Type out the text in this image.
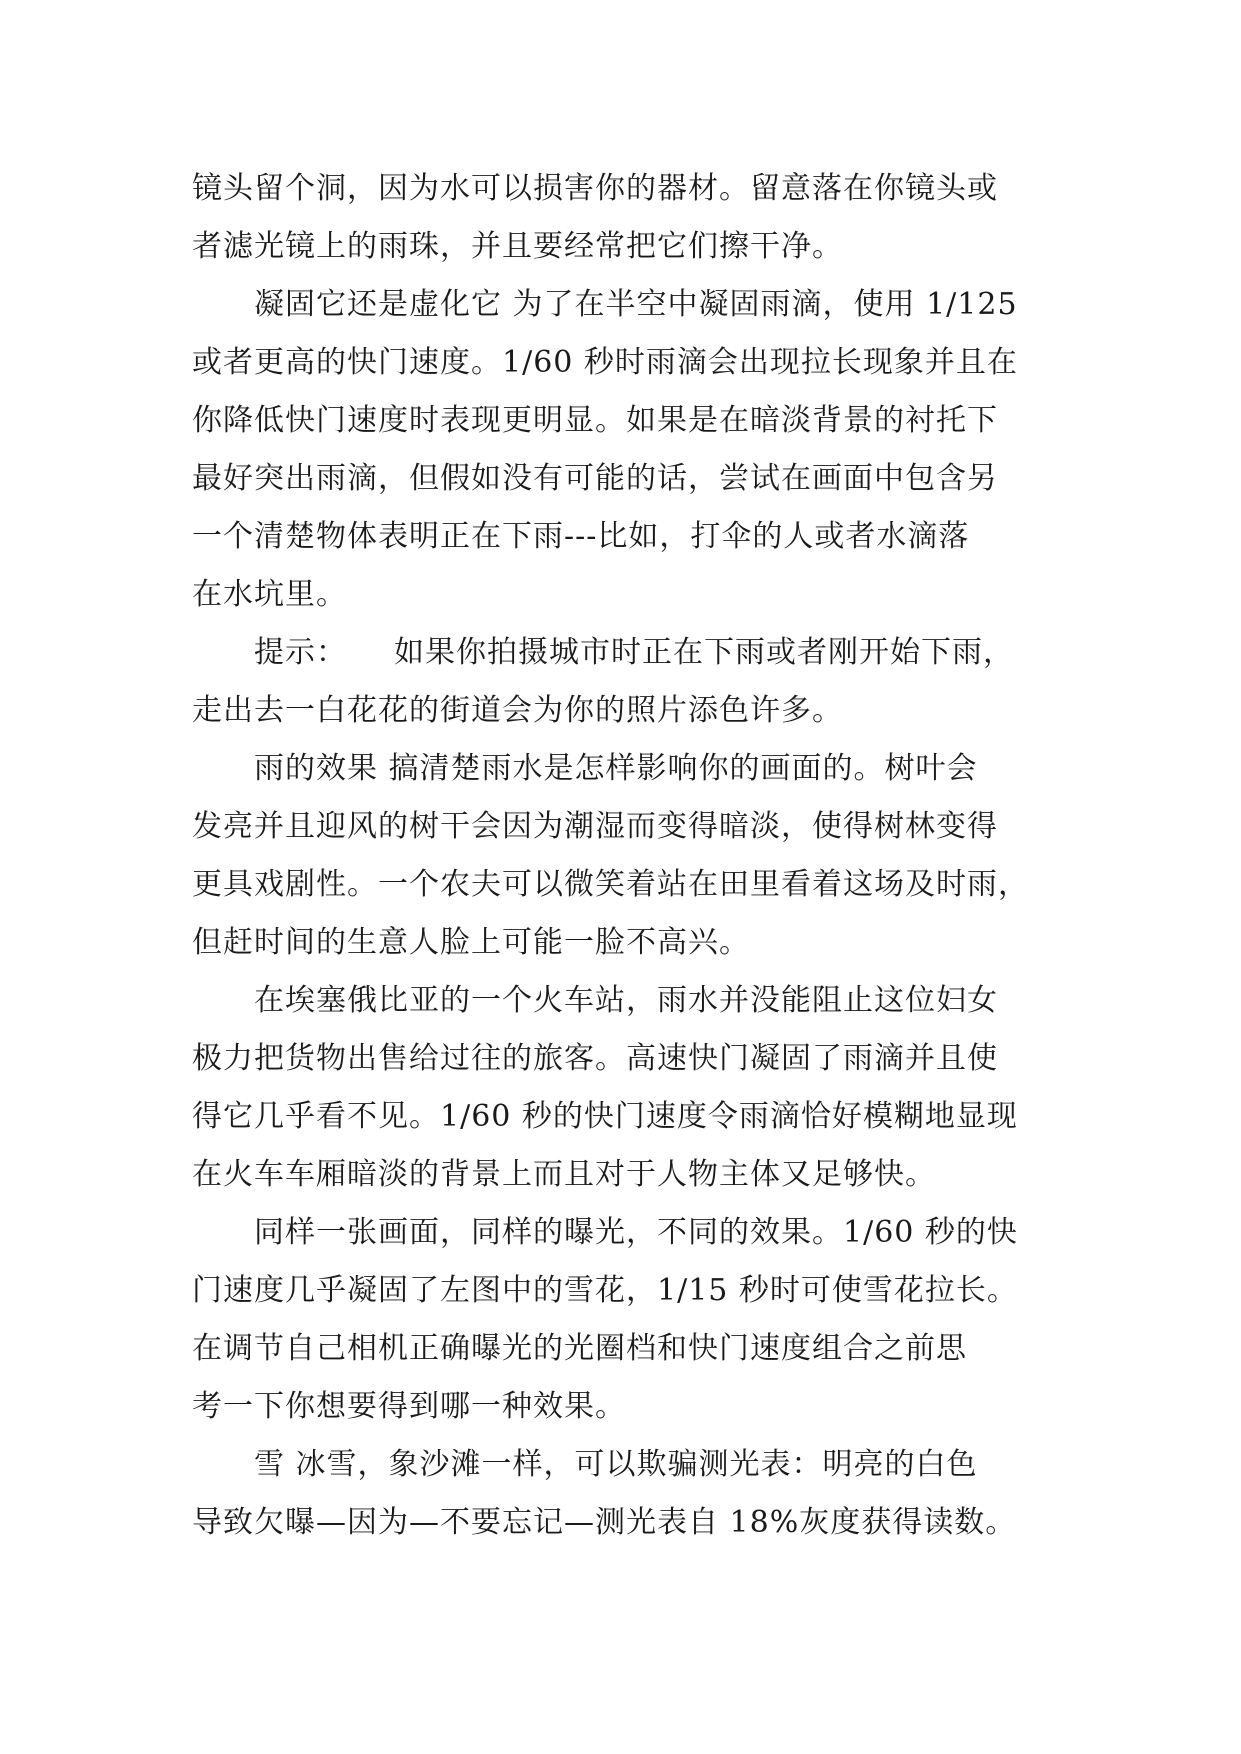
镜头留个洞，因为水可以损害你的器材。留意落在你镜头或
者滤光镜上的雨珠，并且要经常把它们擦干净。
　　凝固它还是虚化它 为了在半空中凝固雨滴，使用 1/125
或者更高的快门速度。1/60 秒时雨滴会出现拉长现象并且在
你降低快门速度时表现更明显。如果是在暗淡背景的衬托下
最好突出雨滴，但假如没有可能的话，尝试在画面中包含另
一个清楚物体表明正在下雨---比如，打伞的人或者水滴落
在水坑里。
　　提示：　　如果你拍摄城市时正在下雨或者刚开始下雨，
走出去一白花花的街道会为你的照片添色许多。
　　雨的效果 搞清楚雨水是怎样影响你的画面的。树叶会
发亮并且迎风的树干会因为潮湿而变得暗淡，使得树林变得
更具戏剧性。一个农夫可以微笑着站在田里看着这场及时雨，
但赶时间的生意人脸上可能一脸不高兴。
　　在埃塞俄比亚的一个火车站，雨水并没能阻止这位妇女
极力把货物出售给过往的旅客。高速快门凝固了雨滴并且使
得它几乎看不见。1/60 秒的快门速度令雨滴恰好模糊地显现
在火车车厢暗淡的背景上而且对于人物主体又足够快。
　　同样一张画面，同样的曝光，不同的效果。1/60 秒的快
门速度几乎凝固了左图中的雪花，1/15 秒时可使雪花拉长。
在调节自己相机正确曝光的光圈档和快门速度组合之前思
考一下你想要得到哪一种效果。
　　雪 冰雪，象沙滩一样，可以欺骗测光表：明亮的白色
导致欠曝—因为—不要忘记—测光表自 18%灰度获得读数。
